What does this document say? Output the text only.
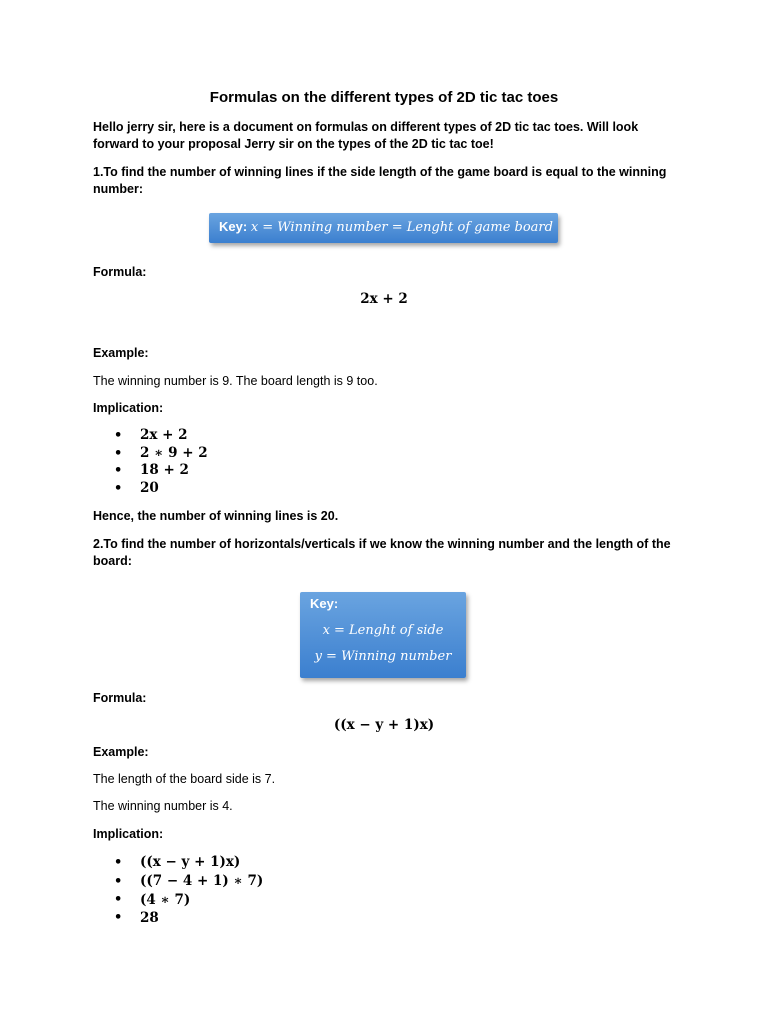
Formulas on the different types of 2D tic tac toes
Hello jerry sir, here is a document on formulas on different types of 2D tic tac toes. Will look forward to your proposal Jerry sir on the types of the 2D tic tac toe!
1.To find the number of winning lines if the side length of the game board is equal to the winning number:
Key: x = Winning number = Lenght of game board
Formula:
2x + 2
Example:
The winning number is 9. The board length is 9 too.
Implication:
• 2x + 2
• 2 ∗ 9 + 2
• 18 + 2
• 20
Hence, the number of winning lines is 20.
2.To find the number of horizontals/verticals if we know the winning number and the length of the board:
Key:
x = Lenght of side
y = Winning number
Formula:
((x − y + 1)x)
Example:
The length of the board side is 7.
The winning number is 4.
Implication:
• ((x − y + 1)x)
• ((7 − 4 + 1) ∗ 7)
• (4 ∗ 7)
• 28
